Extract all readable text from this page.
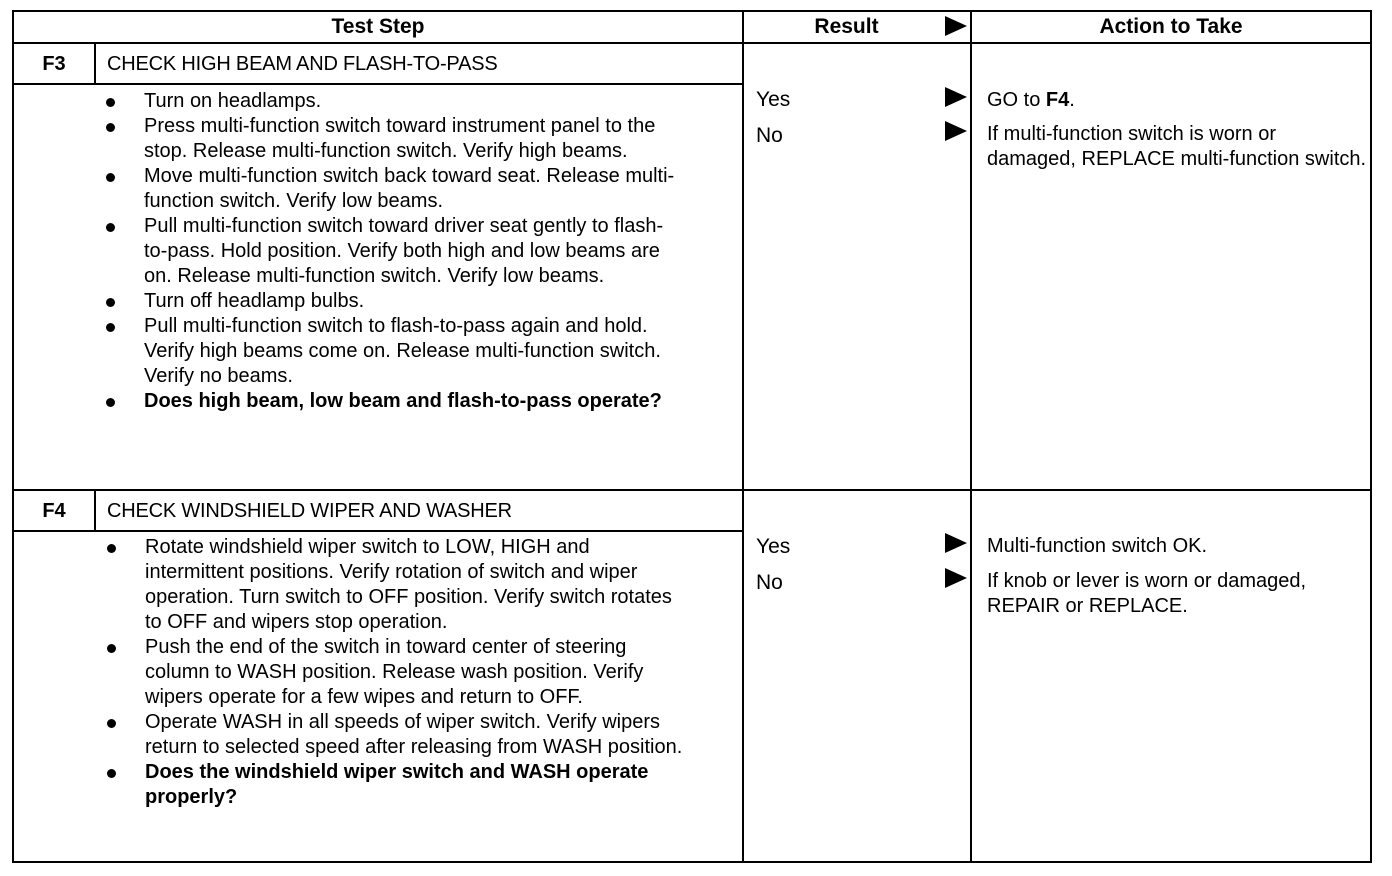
Test Step	Result	Action to Take
F3	CHECK HIGH BEAM AND FLASH-TO-PASS
Turn on headlamps.
Press multi-function switch toward instrument panel to the stop. Release multi-function switch. Verify high beams.
Move multi-function switch back toward seat. Release multi-function switch. Verify low beams.
Pull multi-function switch toward driver seat gently to flash-to-pass. Hold position. Verify both high and low beams are on. Release multi-function switch. Verify low beams.
Turn off headlamp bulbs.
Pull multi-function switch to flash-to-pass again and hold. Verify high beams come on. Release multi-function switch. Verify no beams.
Does high beam, low beam and flash-to-pass operate?
Yes	GO to F4.
No	If multi-function switch is worn or damaged, REPLACE multi-function switch.
F4	CHECK WINDSHIELD WIPER AND WASHER
Rotate windshield wiper switch to LOW, HIGH and intermittent positions. Verify rotation of switch and wiper operation. Turn switch to OFF position. Verify switch rotates to OFF and wipers stop operation.
Push the end of the switch in toward center of steering column to WASH position. Release wash position. Verify wipers operate for a few wipes and return to OFF.
Operate WASH in all speeds of wiper switch. Verify wipers return to selected speed after releasing from WASH position.
Does the windshield wiper switch and WASH operate properly?
Yes	Multi-function switch OK.
No	If knob or lever is worn or damaged, REPAIR or REPLACE.
